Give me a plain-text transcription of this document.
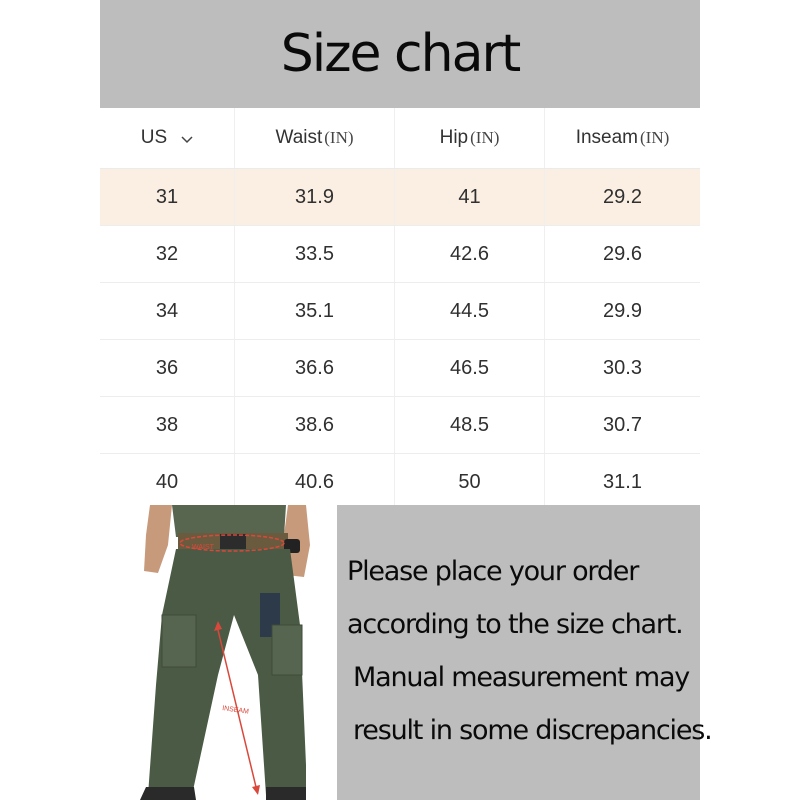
Size chart
US	Waist (IN)	Hip (IN)	Inseam (IN)
31	31.9	41	29.2
32	33.5	42.6	29.6
34	35.1	44.5	29.9
36	36.6	46.5	30.3
38	38.6	48.5	30.7
40	40.6	50	31.1
WAIST
INSEAM

Please place your order

according to the size chart.

Manual measurement may

result in some discrepancies.
